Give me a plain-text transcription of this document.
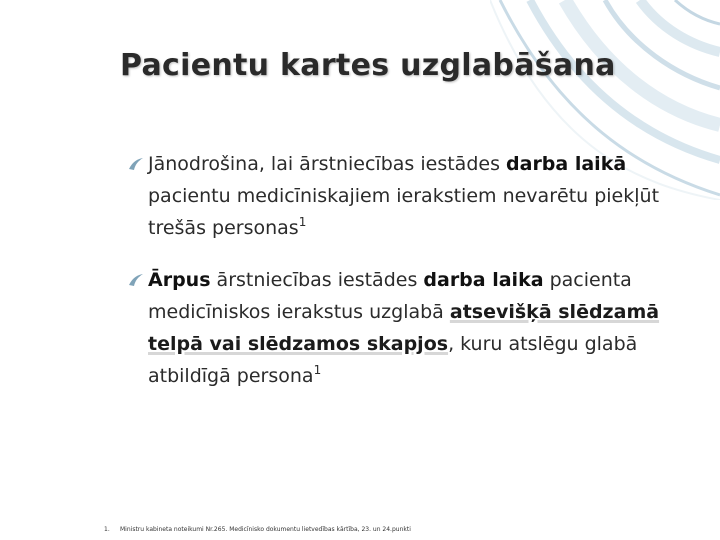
Pacientu kartes uzglabāšana
Jānodrošina, lai ārstniecības iestādes darba laikā pacientu medicīniskajiem ierakstiem nevarētu piekļūt trešās personas$^1$
Ārpus ārstniecības iestādes darba laika pacienta medicīniskos ierakstus uzglabā atsevišķā slēdzamā telpā vai slēdzamos skapjos, kuru atslēgu glabā atbildīgā persona$^1$
1. Ministru kabineta noteikumi Nr.265. Medicīnisko dokumentu lietvedības kārtība, 23. un 24.punkti
